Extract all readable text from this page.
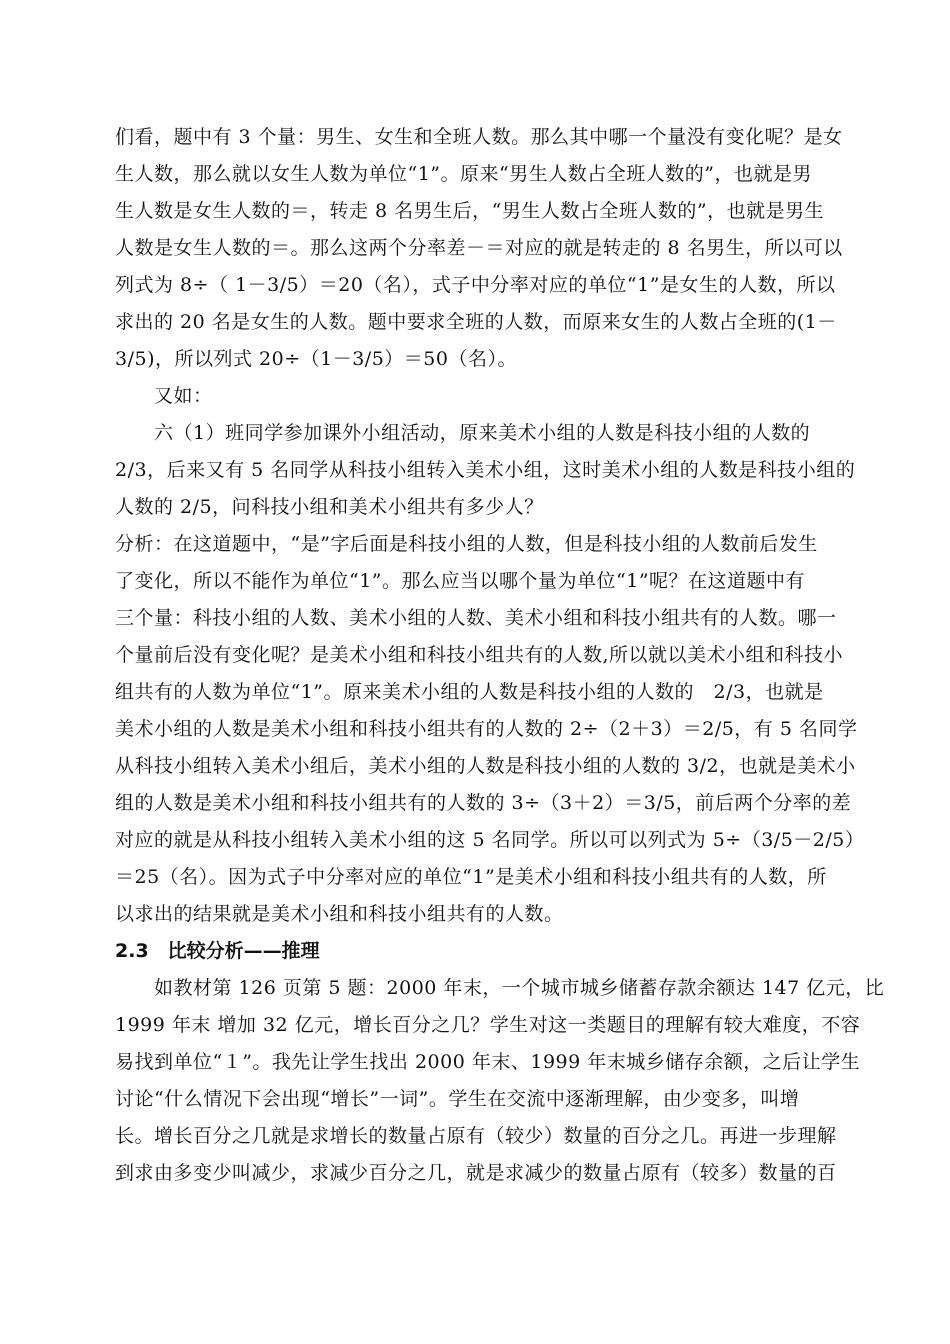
们看，题中有 3 个量：男生、女生和全班人数。那么其中哪一个量没有变化呢？是女
生人数，那么就以女生人数为单位“1”。原来“男生人数占全班人数的”，也就是男
生人数是女生人数的＝，转走 8 名男生后，“男生人数占全班人数的”，也就是男生
人数是女生人数的＝。那么这两个分率差－＝对应的就是转走的 8 名男生，所以可以
列式为 8÷（ 1－3/5）＝20（名），式子中分率对应的单位“1”是女生的人数，所以
求出的 20 名是女生的人数。题中要求全班的人数，而原来女生的人数占全班的(1－
3/5)，所以列式 20÷（1－3/5）＝50（名）。
　　又如：
　　六（1）班同学参加课外小组活动，原来美术小组的人数是科技小组的人数的
2/3，后来又有 5 名同学从科技小组转入美术小组，这时美术小组的人数是科技小组的
人数的 2/5，问科技小组和美术小组共有多少人？
分析：在这道题中，“是”字后面是科技小组的人数，但是科技小组的人数前后发生
了变化，所以不能作为单位“1”。那么应当以哪个量为单位“1”呢？在这道题中有
三个量：科技小组的人数、美术小组的人数、美术小组和科技小组共有的人数。哪一
个量前后没有变化呢？是美术小组和科技小组共有的人数,所以就以美术小组和科技小
组共有的人数为单位“1”。原来美术小组的人数是科技小组的人数的　2/3，也就是
美术小组的人数是美术小组和科技小组共有的人数的 2÷（2＋3）＝2/5，有 5 名同学
从科技小组转入美术小组后，美术小组的人数是科技小组的人数的 3/2，也就是美术小
组的人数是美术小组和科技小组共有的人数的 3÷（3＋2）＝3/5，前后两个分率的差
对应的就是从科技小组转入美术小组的这 5 名同学。所以可以列式为 5÷（3/5－2/5）
＝25（名）。因为式子中分率对应的单位“1”是美术小组和科技小组共有的人数，所
以求出的结果就是美术小组和科技小组共有的人数。
2.3　比较分析——推理
　　如教材第 126 页第 5 题：2000 年末，一个城市城乡储蓄存款余额达 147 亿元，比
1999 年末 增加 32 亿元，增长百分之几？学生对这一类题目的理解有较大难度，不容
易找到单位“１”。我先让学生找出 2000 年末、1999 年末城乡储存余额，之后让学生
讨论“什么情况下会出现“增长”一词”。学生在交流中逐渐理解，由少变多，叫增
长。增长百分之几就是求增长的数量占原有（较少）数量的百分之几。再进一步理解
到求由多变少叫减少，求减少百分之几，就是求减少的数量占原有（较多）数量的百
